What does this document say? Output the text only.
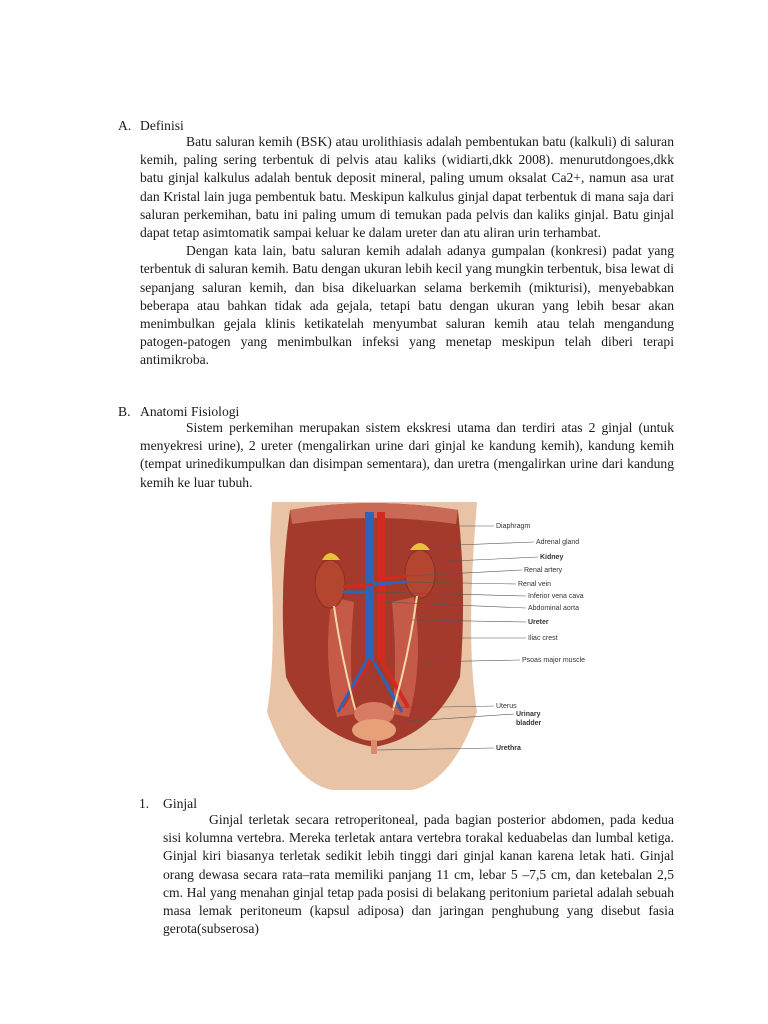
A. Definisi

Batu saluran kemih (BSK) atau urolithiasis adalah pembentukan batu (kalkuli) di saluran kemih, paling sering terbentuk di pelvis atau kaliks (widiarti,dkk 2008). menurutdongoes,dkk batu ginjal kalkulus adalah bentuk deposit mineral, paling umum oksalat Ca2+, namun asa urat dan Kristal lain juga pembentuk batu. Meskipun kalkulus ginjal dapat terbentuk di mana saja dari saluran perkemihan, batu ini paling umum di temukan pada pelvis dan kaliks ginjal. Batu ginjal dapat tetap asimtomatik sampai keluar ke dalam ureter dan atu aliran urin terhambat.

Dengan kata lain, batu saluran kemih adalah adanya gumpalan (konkresi) padat yang terbentuk di saluran kemih. Batu dengan ukuran lebih kecil yang mungkin terbentuk, bisa lewat di sepanjang saluran kemih, dan bisa dikeluarkan selama berkemih (mikturisi), menyebabkan beberapa atau bahkan tidak ada gejala, tetapi batu dengan ukuran yang lebih besar akan menimbulkan gejala klinis ketikatelah menyumbat saluran kemih atau telah mengandung patogen-patogen yang menimbulkan infeksi yang menetap meskipun telah diberi terapi antimikroba.

B. Anatomi Fisiologi

Sistem perkemihan merupakan sistem ekskresi utama dan terdiri atas 2 ginjal (untuk menyekresi urine), 2 ureter (mengalirkan urine dari ginjal ke kandung kemih), kandung kemih (tempat urinedikumpulkan dan disimpan sementara), dan uretra (mengalirkan urine dari kandung kemih ke luar tubuh.

Diaphragm
Adrenal gland
Kidney
Renal artery
Renal vein
Inferior vena cava
Abdominal aorta
Ureter
Iliac crest
Psoas major muscle
Uterus
Urinary
bladder
Urethra
1.	Ginjal

Ginjal terletak secara retroperitoneal, pada bagian posterior abdomen, pada kedua sisi kolumna vertebra. Mereka terletak antara vertebra torakal keduabelas dan lumbal ketiga. Ginjal kiri biasanya terletak sedikit lebih tinggi dari ginjal kanan karena letak hati. Ginjal orang dewasa secara rata–rata memiliki panjang 11 cm, lebar 5 –7,5 cm, dan ketebalan 2,5 cm. Hal yang menahan ginjal tetap pada posisi di belakang peritonium parietal adalah sebuah masa lemak peritoneum (kapsul adiposa) dan jaringan penghubung yang disebut fasia gerota(subserosa)
